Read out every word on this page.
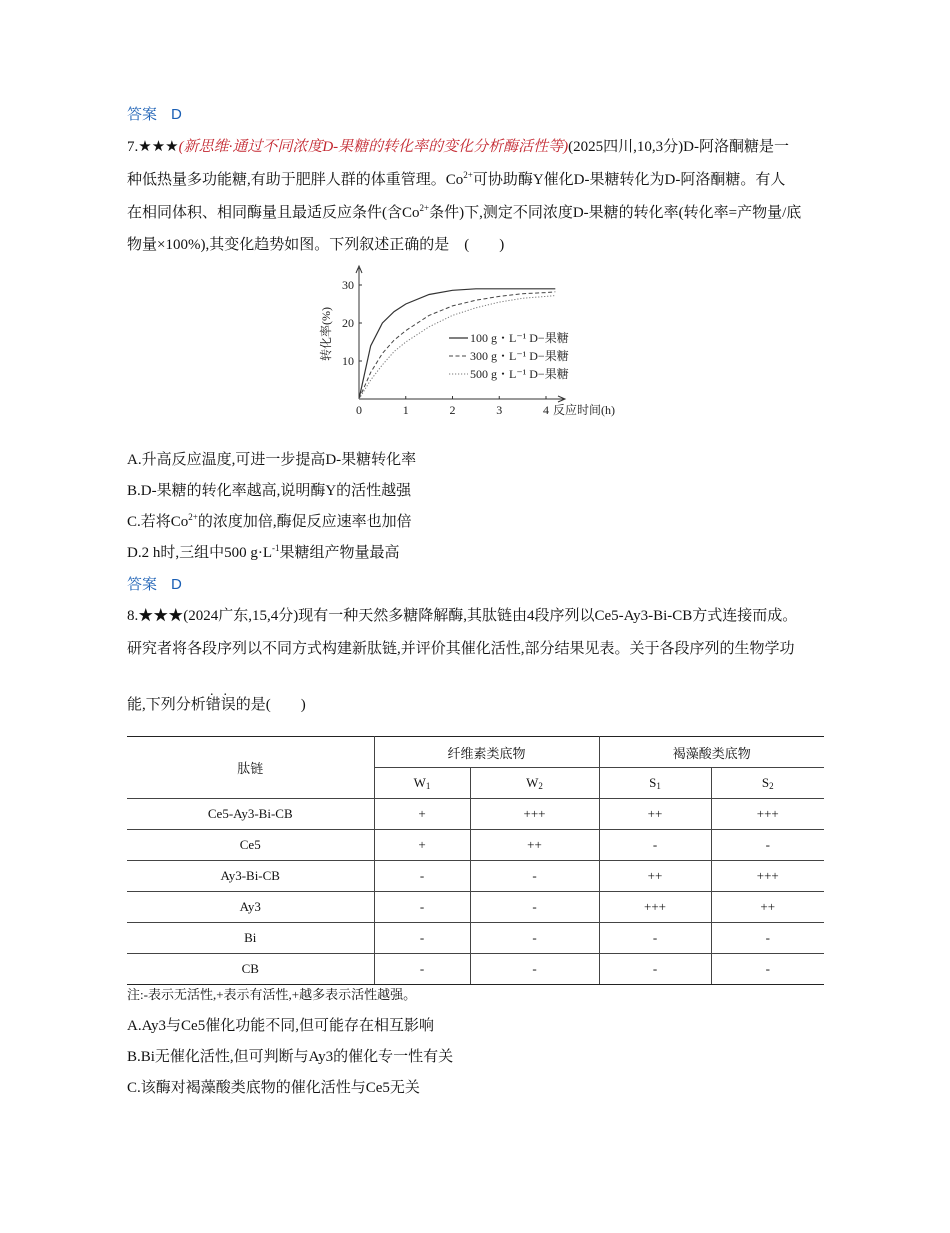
答案 D
7.★★★(新思维·通过不同浓度D-果糖的转化率的变化分析酶活性等)(2025四川,10,3分)D-阿洛酮糖是一
种低热量多功能糖,有助于肥胖人群的体重管理。$Co^{2+}$可协助酶Y催化D-果糖转化为D-阿洛酮糖。有人
在相同体积、相同酶量且最适反应条件(含$Co^{2+}$条件)下,测定不同浓度D-果糖的转化率(转化率=产物量/底
物量×100%),其变化趋势如图。下列叙述正确的是　(　　)
0	1	2	3	4
10
20
30
反应时间(h)
转化率(%)	100 g・L⁻¹ D−果糖
300 g・L⁻¹ D−果糖
500 g・L⁻¹ D−果糖
A.升高反应温度,可进一步提高D-果糖转化率
B.D-果糖的转化率越高,说明酶Y的活性越强
C.若将$Co^{2+}$的浓度加倍,酶促反应速率也加倍
D.2 h时,三组中500 $g\cdot L^{-1}$果糖组产物量最高
答案 D
8.★★★(2024广东,15,4分)现有一种天然多糖降解酶,其肽链由4段序列以Ce5-Ay3-Bi-CB方式连接而成。
研究者将各段序列以不同方式构建新肽链,并评价其催化活性,部分结果见表。关于各段序列的生物学功
..
能,下列分析错误的是(　　)
肽链	纤维素类底物		褐藻酸类底物	
	$W_1$	$W_2$	$S_1$	$S_2$
Ce5-Ay3-Bi-CB	+	+++	++	+++
Ce5	+	++	-	-
Ay3-Bi-CB	-	-	++	+++
Ay3	-	-	+++	++
Bi	-	-	-	-
CB	-	-	-	-
注:-表示无活性,+表示有活性,+越多表示活性越强。
A.Ay3与Ce5催化功能不同,但可能存在相互影响
B.Bi无催化活性,但可判断与Ay3的催化专一性有关
C.该酶对褐藻酸类底物的催化活性与Ce5无关
